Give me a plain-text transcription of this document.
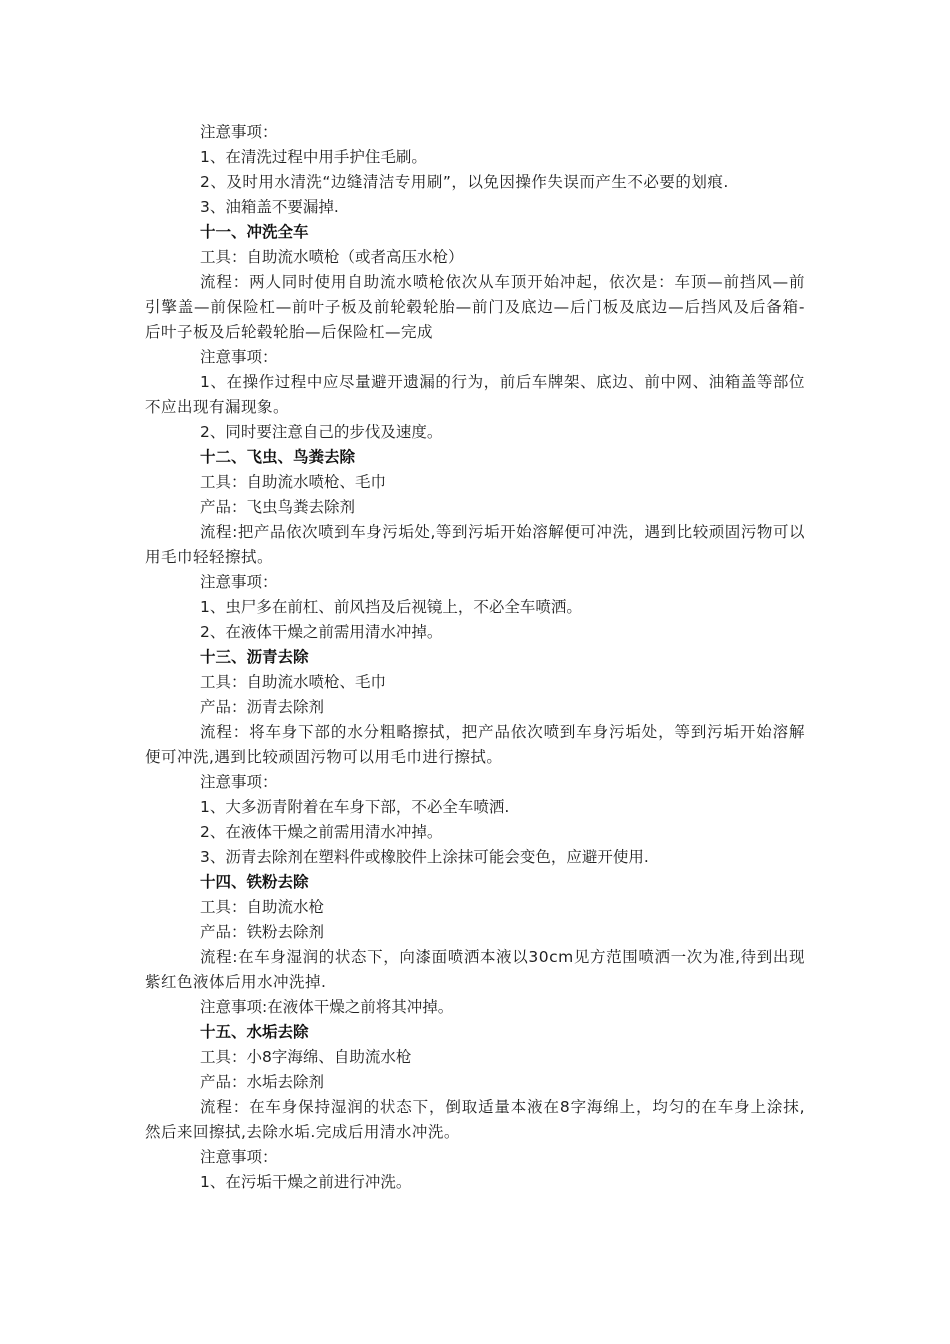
注意事项：
1、在清洗过程中用手护住毛刷。
2、及时用水清洗“边缝清洁专用刷”，以免因操作失误而产生不必要的划痕.
3、油箱盖不要漏掉.
十一、冲洗全车
工具：自助流水喷枪（或者高压水枪）
流程：两人同时使用自助流水喷枪依次从车顶开始冲起，依次是：车顶—前挡风—前引擎盖—前保险杠—前叶子板及前轮毂轮胎—前门及底边—后门板及底边—后挡风及后备箱-后叶子板及后轮毂轮胎—后保险杠—完成
注意事项：
1、在操作过程中应尽量避开遗漏的行为，前后车牌架、底边、前中网、油箱盖等部位不应出现有漏现象。
2、同时要注意自己的步伐及速度。
十二、飞虫、鸟粪去除
工具：自助流水喷枪、毛巾
产品：飞虫鸟粪去除剂
流程:把产品依次喷到车身污垢处,等到污垢开始溶解便可冲洗，遇到比较顽固污物可以用毛巾轻轻擦拭。
注意事项：
1、虫尸多在前杠、前风挡及后视镜上，不必全车喷洒。
2、在液体干燥之前需用清水冲掉。
十三、沥青去除
工具：自助流水喷枪、毛巾
产品：沥青去除剂
流程：将车身下部的水分粗略擦拭，把产品依次喷到车身污垢处，等到污垢开始溶解便可冲洗,遇到比较顽固污物可以用毛巾进行擦拭。
注意事项：
1、大多沥青附着在车身下部，不必全车喷洒.
2、在液体干燥之前需用清水冲掉。
3、沥青去除剂在塑料件或橡胶件上涂抹可能会变色，应避开使用.
十四、铁粉去除
工具：自助流水枪
产品：铁粉去除剂
流程:在车身湿润的状态下，向漆面喷洒本液以30cm见方范围喷洒一次为准,待到出现紫红色液体后用水冲洗掉.
注意事项:在液体干燥之前将其冲掉。
十五、水垢去除
工具：小8字海绵、自助流水枪
产品：水垢去除剂
流程：在车身保持湿润的状态下，倒取适量本液在8字海绵上，均匀的在车身上涂抹,然后来回擦拭,去除水垢.完成后用清水冲洗。
注意事项：
1、在污垢干燥之前进行冲洗。
